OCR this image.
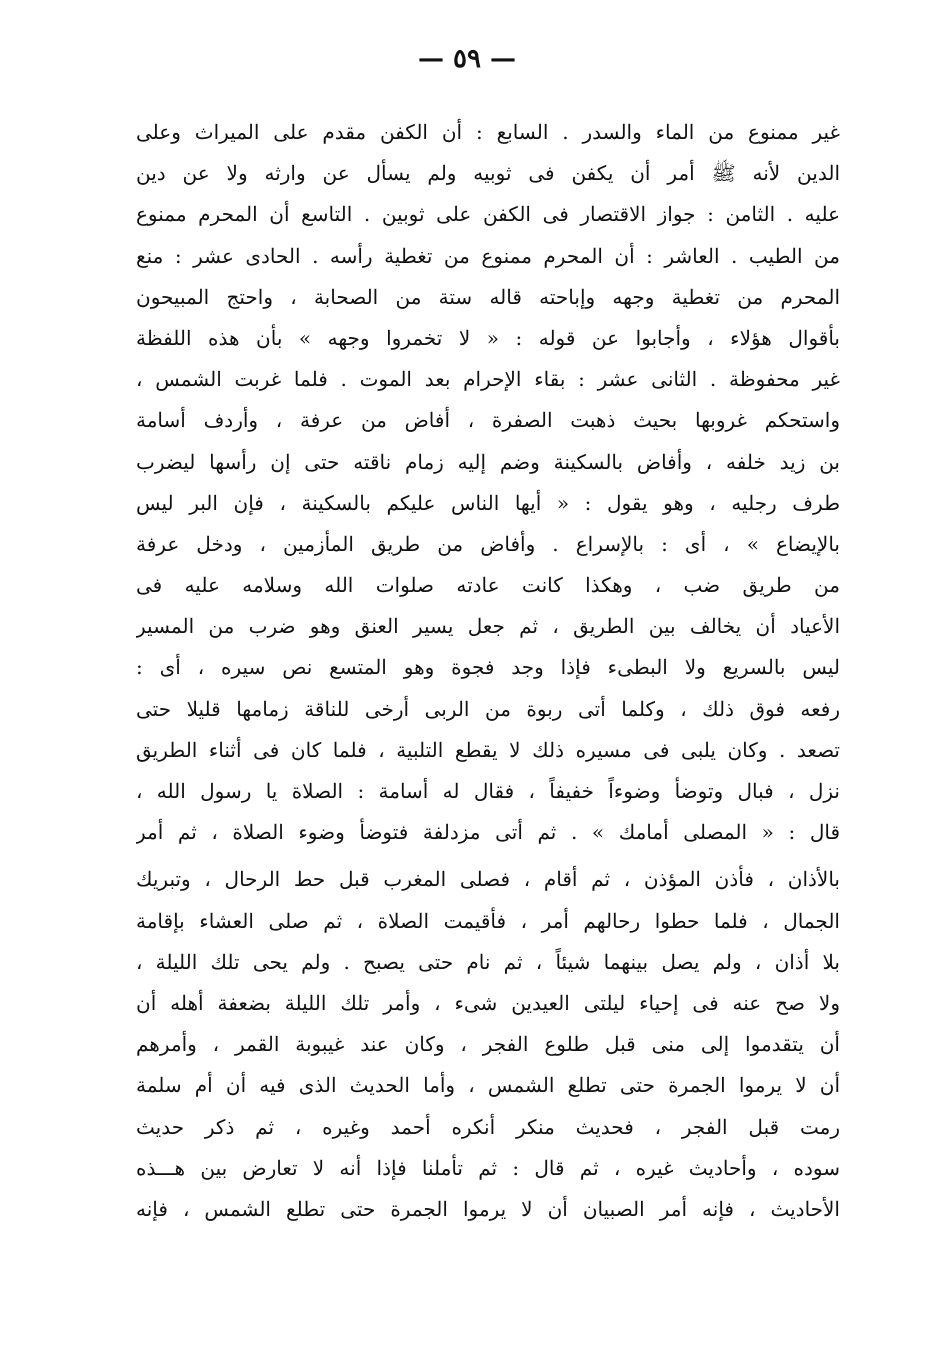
— ٥٩ —
غير ممنوع من الماء والسدر . السابع : أن الكفن مقدم على الميراث وعلى
الدين لأنه ﷺ أمر أن يكفن فى ثوبيه ولم يسأل عن وارثه ولا عن دين
عليه . الثامن : جواز الاقتصار فى الكفن على ثوبين . التاسع أن المحرم ممنوع
من الطيب . العاشر : أن المحرم ممنوع من تغطية رأسه . الحادى عشر : منع
المحرم من تغطية وجهه وإباحته قاله ستة من الصحابة ، واحتج المبيحون
بأقوال هؤلاء ، وأجابوا عن قوله : « لا تخمروا وجهه » بأن هذه اللفظة
غير محفوظة . الثانى عشر : بقاء الإحرام بعد الموت . فلما غربت الشمس ،
واستحكم غروبها بحيث ذهبت الصفرة ، أفاض من عرفة ، وأردف أسامة
بن زيد خلفه ، وأفاض بالسكينة وضم إليه زمام ناقته حتى إن رأسها ليضرب
طرف رجليه ، وهو يقول : « أيها الناس عليكم بالسكينة ، فإن البر ليس
بالإيضاع » ، أى : بالإسراع . وأفاض من طريق المأزمين ، ودخل عرفة
من طريق ضب ، وهكذا كانت عادته صلوات الله وسلامه عليه فى
الأعياد أن يخالف بين الطريق ، ثم جعل يسير العنق وهو ضرب من المسير
ليس بالسريع ولا البطىء فإذا وجد فجوة وهو المتسع نص سيره ، أى :
رفعه فوق ذلك ، وكلما أتى ربوة من الربى أرخى للناقة زمامها قليلا حتى
تصعد . وكان يلبى فى مسيره ذلك لا يقطع التلبية ، فلما كان فى أثناء الطريق
نزل ، فبال وتوضأ وضوءاً خفيفاً ، فقال له أسامة : الصلاة يا رسول الله ،
قال : « المصلى أمامك » . ثم أتى مزدلفة فتوضأ وضوء الصلاة ، ثم أمر
بالأذان ، فأذن المؤذن ، ثم أقام ، فصلى المغرب قبل حط الرحال ، وتبريك
الجمال ، فلما حطوا رحالهم أمر ، فأقيمت الصلاة ، ثم صلى العشاء بإقامة
بلا أذان ، ولم يصل بينهما شيئاً ، ثم نام حتى يصبح . ولم يحى تلك الليلة ،
ولا صح عنه فى إحياء ليلتى العيدين شىء ، وأمر تلك الليلة بضعفة أهله أن
أن يتقدموا إلى منى قبل طلوع الفجر ، وكان عند غيبوبة القمر ، وأمرهم
أن لا يرموا الجمرة حتى تطلع الشمس ، وأما الحديث الذى فيه أن أم سلمة
رمت قبل الفجر ، فحديث منكر أنكره أحمد وغيره ، ثم ذكر حديث
سوده ، وأحاديث غيره ، ثم قال : ثم تأملنا فإذا أنه لا تعارض بين هـــذه
الأحاديث ، فإنه أمر الصبيان أن لا يرموا الجمرة حتى تطلع الشمس ، فإنه
